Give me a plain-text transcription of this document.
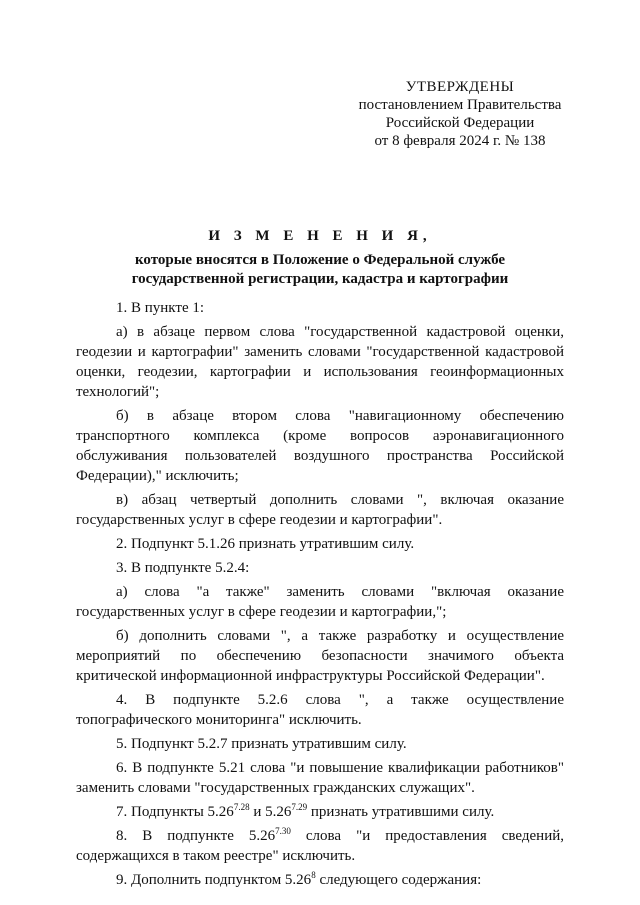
УТВЕРЖДЕНЫ
постановлением Правительства
Российской Федерации
от 8 февраля 2024 г. № 138
И З М Е Н Е Н И Я,
которые вносятся в Положение о Федеральной службе
государственной регистрации, кадастра и картографии

1. В пункте 1:

а) в абзаце первом слова "государственной кадастровой оценки, геодезии и картографии" заменить словами "государственной кадастровой оценки, геодезии, картографии и использования геоинформационных технологий";

б) в абзаце втором слова "навигационному обеспечению транспортного комплекса (кроме вопросов аэронавигационного обслуживания пользователей воздушного пространства Российской Федерации)," исключить;

в) абзац четвертый дополнить словами ", включая оказание государственных услуг в сфере геодезии и картографии".

2. Подпункт 5.1.26 признать утратившим силу.

3. В подпункте 5.2.4:

а) слова "а также" заменить словами "включая оказание государственных услуг в сфере геодезии и картографии,";

б) дополнить словами ", а также разработку и осуществление мероприятий по обеспечению безопасности значимого объекта критической информационной инфраструктуры Российской Федерации".

4. В подпункте 5.2.6 слова ", а также осуществление топографического мониторинга" исключить.

5. Подпункт 5.2.7 признать утратившим силу.

6. В подпункте 5.21 слова "и повышение квалификации работников" заменить словами "государственных гражданских служащих".

7. Подпункты $5.26^{7.28}$ и $5.26^{7.29}$ признать утратившими силу.

8. В подпункте $5.26^{7.30}$ слова "и предоставления сведений, содержащихся в таком реестре" исключить.

9. Дополнить подпунктом 5.26$^8$ следующего содержания:
